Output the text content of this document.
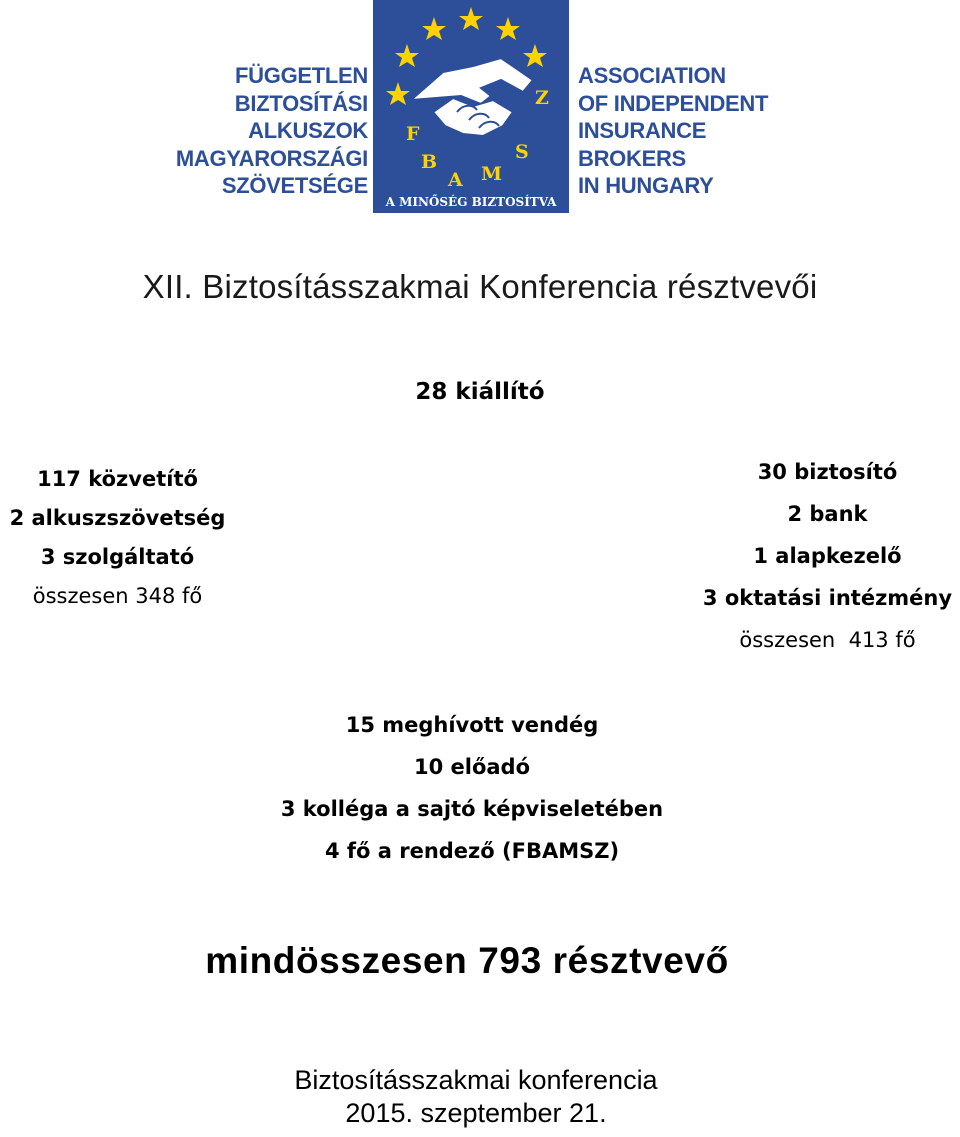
FÜGGETLEN
BIZTOSÍTÁSI
ALKUSZOK
MAGYARORSZÁGI
SZÖVETSÉGE
F
B
A M
S
Z
A MINŐSÉG BIZTOSÍTVA
ASSOCIATION
OF INDEPENDENT
INSURANCE
BROKERS
IN HUNGARY
XII. Biztosításszakmai Konferencia résztvevői
28 kiállító
117 közvetítő
2 alkuszszövetség
3 szolgáltató
összesen 348 fő
30 biztosító
2 bank
1 alapkezelő
3 oktatási intézmény
összesen  413 fő
15 meghívott vendég
10 előadó
3 kolléga a sajtó képviseletében
4 fő a rendező (FBAMSZ)
mindösszesen 793 résztvevő
Biztosításszakmai konferencia
2015. szeptember 21.
